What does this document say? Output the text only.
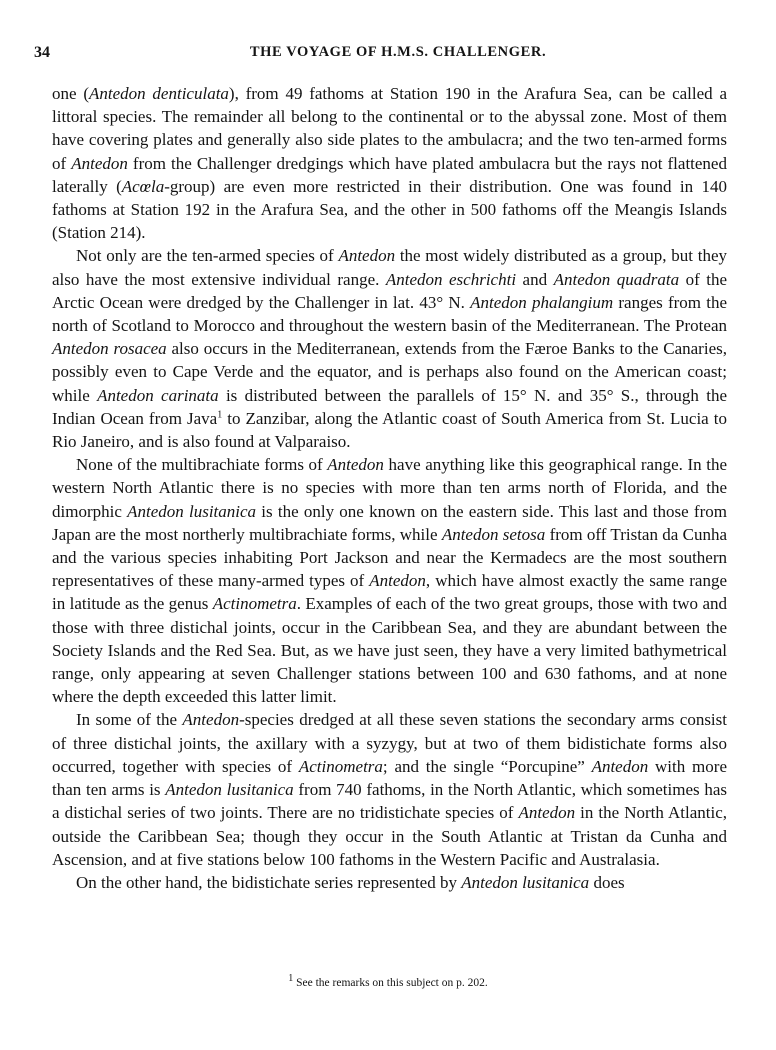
34	THE VOYAGE OF H.M.S. CHALLENGER.

one (Antedon denticulata), from 49 fathoms at Station 190 in the Arafura Sea, can be called a littoral species. The remainder all belong to the continental or to the abyssal zone. Most of them have covering plates and generally also side plates to the ambulacra; and the two ten-armed forms of Antedon from the Challenger dredgings which have plated ambulacra but the rays not flattened laterally (Acœla-group) are even more restricted in their distribution. One was found in 140 fathoms at Station 192 in the Arafura Sea, and the other in 500 fathoms off the Meangis Islands (Station 214).

Not only are the ten-armed species of Antedon the most widely distributed as a group, but they also have the most extensive individual range. Antedon eschrichti and Antedon quadrata of the Arctic Ocean were dredged by the Challenger in lat. 43° N. Antedon phalangium ranges from the north of Scotland to Morocco and throughout the western basin of the Mediterranean. The Protean Antedon rosacea also occurs in the Mediterranean, extends from the Færoe Banks to the Canaries, possibly even to Cape Verde and the equator, and is perhaps also found on the American coast; while Antedon carinata is distributed between the parallels of 15° N. and 35° S., through the Indian Ocean from Java$^1$ to Zanzibar, along the Atlantic coast of South America from St. Lucia to Rio Janeiro, and is also found at Valparaiso.

None of the multibrachiate forms of Antedon have anything like this geographical range. In the western North Atlantic there is no species with more than ten arms north of Florida, and the dimorphic Antedon lusitanica is the only one known on the eastern side. This last and those from Japan are the most northerly multibrachiate forms, while Antedon setosa from off Tristan da Cunha and the various species inhabiting Port Jackson and near the Kermadecs are the most southern representatives of these many-armed types of Antedon, which have almost exactly the same range in latitude as the genus Actinometra. Examples of each of the two great groups, those with two and those with three distichal joints, occur in the Caribbean Sea, and they are abundant between the Society Islands and the Red Sea. But, as we have just seen, they have a very limited bathymetrical range, only appearing at seven Challenger stations between 100 and 630 fathoms, and at none where the depth exceeded this latter limit.

In some of the Antedon-species dredged at all these seven stations the secondary arms consist of three distichal joints, the axillary with a syzygy, but at two of them bidistichate forms also occurred, together with species of Actinometra; and the single “Porcupine” Antedon with more than ten arms is Antedon lusitanica from 740 fathoms, in the North Atlantic, which sometimes has a distichal series of two joints. There are no tridistichate species of Antedon in the North Atlantic, outside the Caribbean Sea; though they occur in the South Atlantic at Tristan da Cunha and Ascension, and at five stations below 100 fathoms in the Western Pacific and Australasia.

On the other hand, the bidistichate series represented by Antedon lusitanica does

$^1$ See the remarks on this subject on p. 202.
